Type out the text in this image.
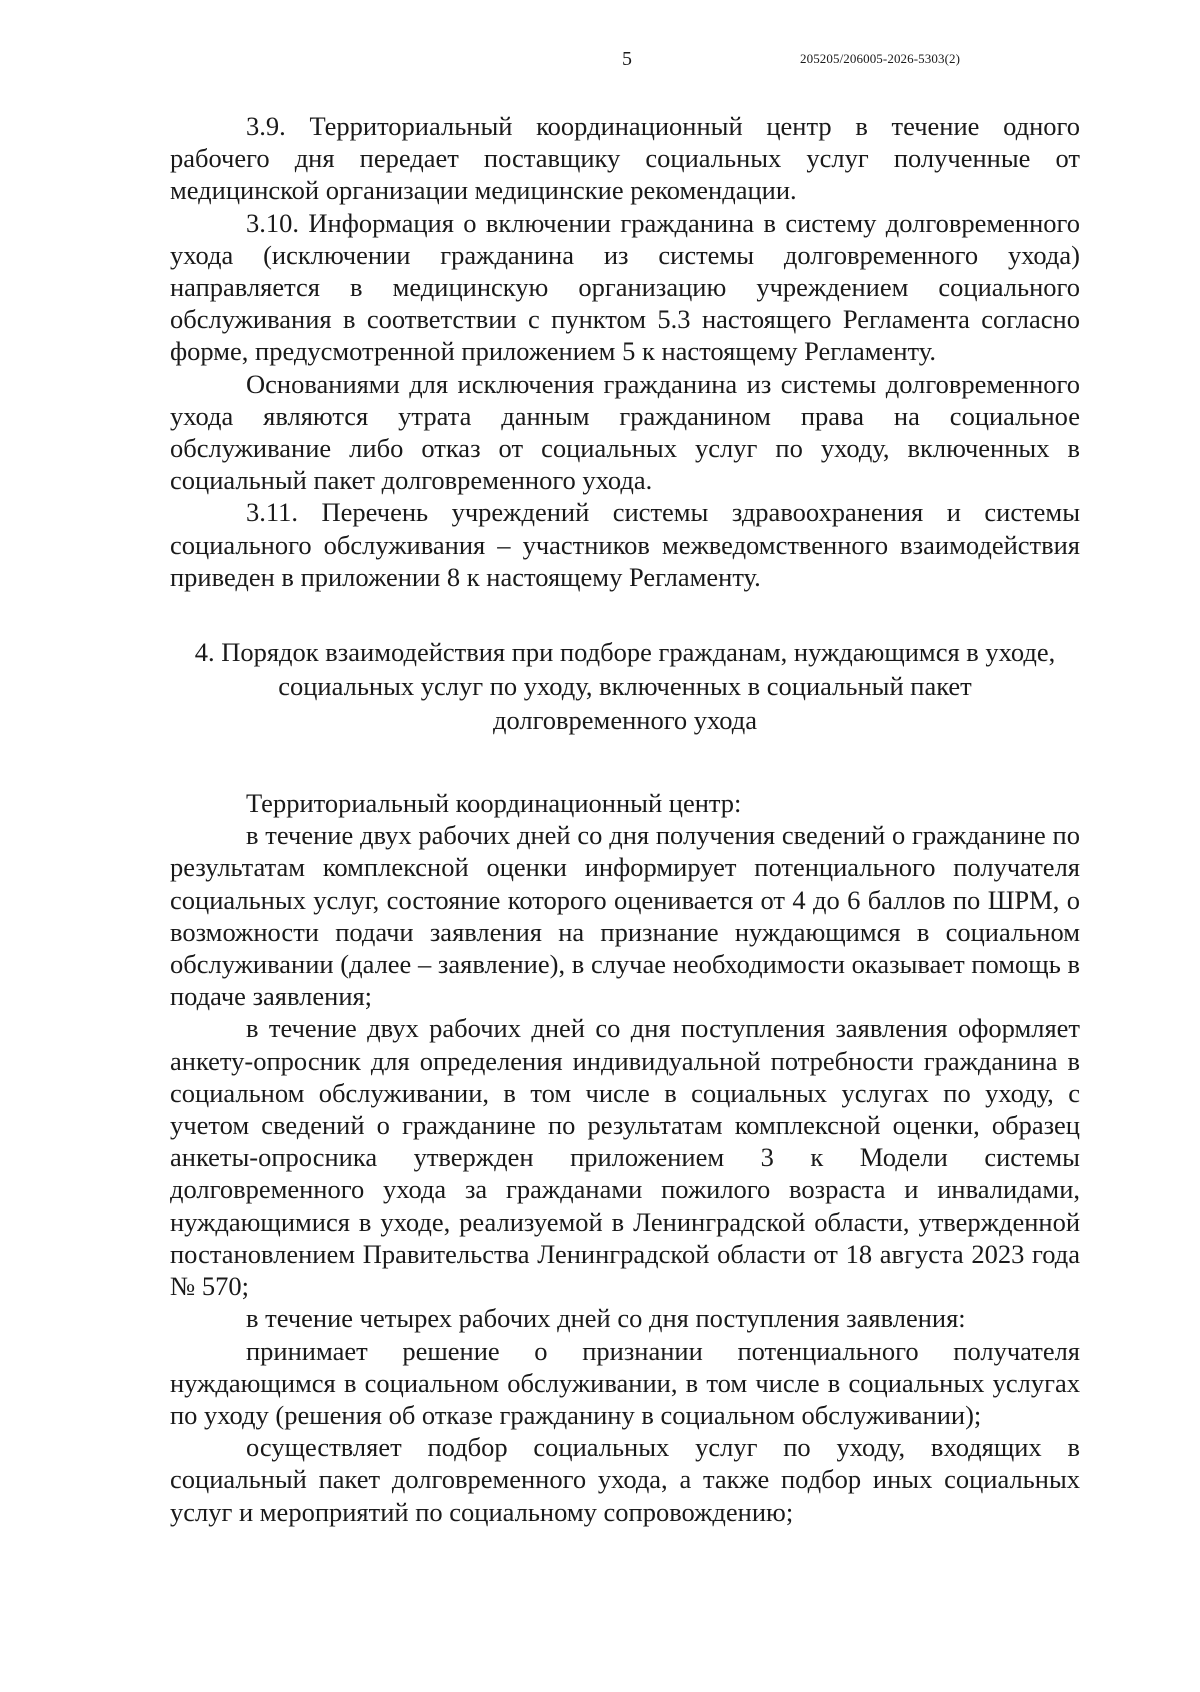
5	205205/206005-2026-5303(2)

3.9. Территориальный координационный центр в течение одного рабочего дня передает поставщику социальных услуг полученные от медицинской организации медицинские рекомендации.

3.10. Информация о включении гражданина в систему долговременного ухода (исключении гражданина из системы долговременного ухода) направляется в медицинскую организацию учреждением социального обслуживания в соответствии с пунктом 5.3 настоящего Регламента согласно форме, предусмотренной приложением 5 к настоящему Регламенту.

Основаниями для исключения гражданина из системы долговременного ухода являются утрата данным гражданином права на социальное обслуживание либо отказ от социальных услуг по уходу, включенных в социальный пакет долговременного ухода.

3.11. Перечень учреждений системы здравоохранения и системы социального обслуживания – участников межведомственного взаимодействия приведен в приложении 8 к настоящему Регламенту.

4. Порядок взаимодействия при подборе гражданам, нуждающимся в уходе, социальных услуг по уходу, включенных в социальный пакет долговременного ухода

Территориальный координационный центр:

в течение двух рабочих дней со дня получения сведений о гражданине по результатам комплексной оценки информирует потенциального получателя социальных услуг, состояние которого оценивается от 4 до 6 баллов по ШРМ, о возможности подачи заявления на признание нуждающимся в социальном обслуживании (далее – заявление), в случае необходимости оказывает помощь в подаче заявления;

в течение двух рабочих дней со дня поступления заявления оформляет анкету-опросник для определения индивидуальной потребности гражданина в социальном обслуживании, в том числе в социальных услугах по уходу, с учетом сведений о гражданине по результатам комплексной оценки, образец анкеты-опросника утвержден приложением 3 к Модели системы долговременного ухода за гражданами пожилого возраста и инвалидами, нуждающимися в уходе, реализуемой в Ленинградской области, утвержденной постановлением Правительства Ленинградской области от 18 августа 2023 года № 570;

в течение четырех рабочих дней со дня поступления заявления:

принимает решение о признании потенциального получателя нуждающимся в социальном обслуживании, в том числе в социальных услугах по уходу (решения об отказе гражданину в социальном обслуживании);

осуществляет подбор социальных услуг по уходу, входящих в социальный пакет долговременного ухода, а также подбор иных социальных услуг и мероприятий по социальному сопровождению;
